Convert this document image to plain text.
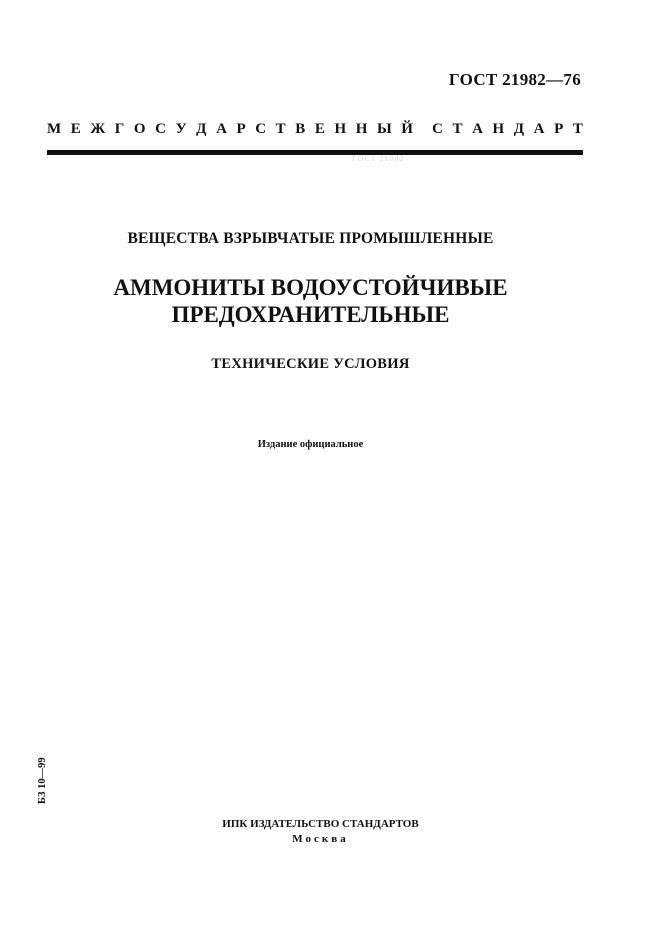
ГОСТ 21982—76
М Е Ж Г О С У Д А Р С Т В Е Н Н Ы Й С Т А Н Д А Р Т
ГОСТ 21982
ВЕЩЕСТВА ВЗРЫВЧАТЫЕ ПРОМЫШЛЕННЫЕ
АММОНИТЫ ВОДОУСТОЙЧИВЫЕ
ПРЕДОХРАНИТЕЛЬНЫЕ
ТЕХНИЧЕСКИЕ УСЛОВИЯ
Издание официальное
БЗ 10—99
ИПК ИЗДАТЕЛЬСТВО СТАНДАРТОВ
Москва
